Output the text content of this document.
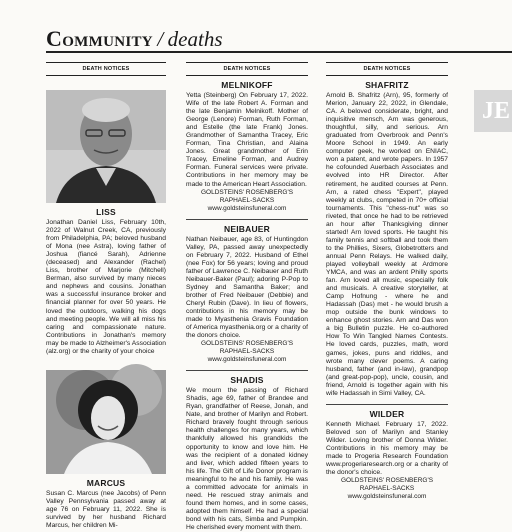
Community / deaths
DEATH NOTICES
LISS

Jonathan Daniel Liss, February 10th, 2022 of Walnut Creek, CA, previously from Philadelphia, PA; beloved husband of Mona (nee Astra), loving father of Joshua (fiancé Sarah), Adrienne (deceased) and Alexander (Rachel) Liss, brother of Marjorie (Mitchell) Berman, also survived by many nieces and nephews and cousins. Jonathan was a successful insurance broker and financial planner for over 50 years. He loved the outdoors, walking his dogs and meeting people. We will all miss his caring and compassionate nature. Contributions in Jonathan's memory may be made to Alzheimer's Association (alz.org) or the charity of your choice

MARCUS

Susan C. Marcus (nee Jacobs) of Penn Valley Pennsylvania passed away at age 76 on February 11, 2022. She is survived by her husband Richard Marcus, her children Mi-

DEATH NOTICES
MELNIKOFF

Yetta (Steinberg) On February 17, 2022. Wife of the late Robert A. Forman and the late Benjamin Melnikoff. Mother of George (Lenore) Forman, Ruth Forman, and Estelle (the late Frank) Jones. Grandmother of Samantha Tracey, Eric Forman, Tina Christian, and Alaina Jones. Great grandmother of Erin Tracey, Emeline Forman, and Audrey Forman. Funeral services were private. Contributions in her memory may be made to the American Heart Association.

GOLDSTEINS' ROSENBERG'S
RAPHAEL-SACKS
www.goldsteinsfuneral.com
NEIBAUER

Nathan Neibauer, age 83, of Huntingdon Valley, PA, passed away unexpectedly on February 7, 2022. Husband of Ethel (nee Fox) for 56 years; loving and proud father of Lawrence C. Neibauer and Ruth Neibauer-Baker (Paul); adoring P-Pop to Sydney and Samantha Baker; and brother of Fred Neibauer (Debbie) and Cheryl Rubin (Dave). In lieu of flowers, contributions in his memory may be made to Myasthenia Gravis Foundation of America myasthenia.org or a charity of the donors choice.

GOLDSTEINS' ROSENBERG'S
RAPHAEL-SACKS
www.goldsteinsfuneral.com
SHADIS

We mourn the passing of Richard Shadis, age 69, father of Brandee and Ryan, grandfather of Reese, Jonah, and Nate, and brother of Marilyn and Robert. Richard bravely fought through serious health challenges for many years, which thankfully allowed his grandkids the opportunity to know and love him. He was the recipient of a donated kidney and liver, which added fifteen years to his life. The Gift of Life Donor program is meaningful to he and his family. He was a committed advocate for animals in need. He rescued stray animals and found them homes, and in some cases, adopted them himself. He had a special bond with his cats, Simba and Pumpkin. He cherished every moment with them.

DEATH NOTICES
SHAFRITZ

Arnold B. Shafritz (Arn), 95, formerly of Merion, January 22, 2022, in Glendale, CA. A beloved considerate, bright, and inquisitive mensch, Arn was generous, thoughtful, silly, and serious. Arn graduated from Overbrook and Penn's Moore School in 1949. An early computer geek, he worked on ENIAC, won a patent, and wrote papers. In 1957 he cofounded Auerbach Associates and evolved into HR Director. After retirement, he audited courses at Penn. Arn, a rated chess "Expert", played weekly at clubs, competed in 70+ official tournaments. This "chess-nut" was so riveted, that once he had to be retrieved an hour after Thanksgiving dinner started! Arn loved sports. He taught his family tennis and softball and took them to the Phillies, Sixers, Globetrotters and annual Penn Relays. He walked daily, played volleyball weekly at Ardmore YMCA, and was an ardent Philly sports fan. Arn loved all music, especially folk and musicals. A creative storyteller, at Camp Hofnung - where he and Hadassah (Das) met - he would brush a mop outside the bunk windows to enhance ghost stories. Arn and Das won a big Bulletin puzzle. He co-authored How To Win Tangled Names Contests. He loved cards, puzzles, math, word games, jokes, puns and riddles, and wrote many clever poems. A caring husband, father (and in-law), grandpop (and great-pop-pop), uncle, cousin, and friend, Arnold is together again with his wife Hadassah in Simi Valley, CA.

WILDER

Kenneth Michael. February 17, 2022. Beloved son of Marilyn and Stanley Wilder. Loving brother of Donna Wilder. Contributions in his memory may be made to Progeria Research Foundation www.progeriaresearch.org or a charity of the donor's choice.

GOLDSTEINS' ROSENBERG'S
RAPHAEL-SACKS
www.goldsteinsfuneral.com
JE
